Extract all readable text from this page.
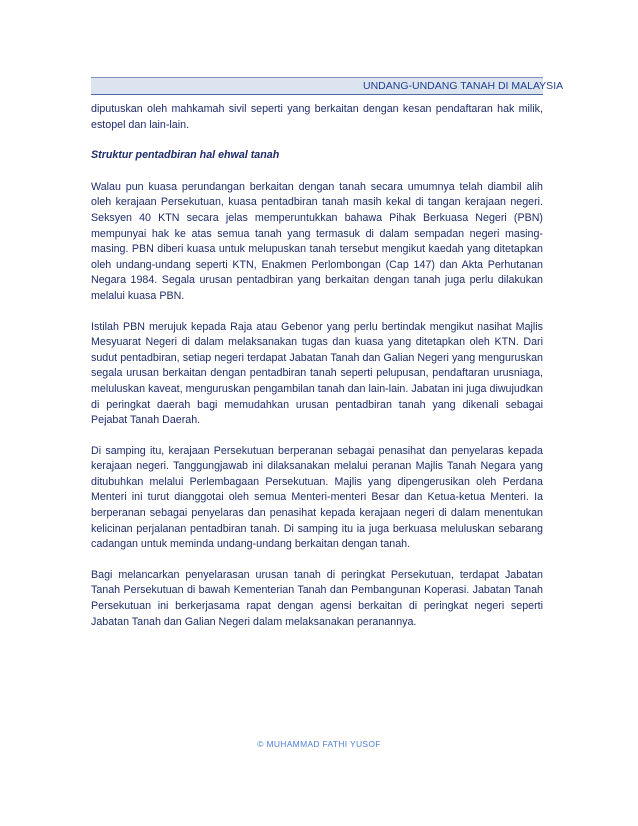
UNDANG-UNDANG TANAH DI MALAYSIA

diputuskan oleh mahkamah sivil seperti yang berkaitan dengan kesan pendaftaran hak milik, estopel dan lain-lain.

Struktur pentadbiran hal ehwal tanah

Walau pun kuasa perundangan berkaitan dengan tanah secara umumnya telah diambil alih oleh kerajaan Persekutuan, kuasa pentadbiran tanah masih kekal di tangan kerajaan negeri. Seksyen 40 KTN secara jelas memperuntukkan bahawa Pihak Berkuasa Negeri (PBN) mempunyai hak ke atas semua tanah yang termasuk di dalam sempadan negeri masing-masing. PBN diberi kuasa untuk melupuskan tanah tersebut mengikut kaedah yang ditetapkan oleh undang-undang seperti KTN, Enakmen Perlombongan (Cap 147) dan Akta Perhutanan Negara 1984. Segala urusan pentadbiran yang berkaitan dengan tanah juga perlu dilakukan melalui kuasa PBN.

Istilah PBN merujuk kepada Raja atau Gebenor yang perlu bertindak mengikut nasihat Majlis Mesyuarat Negeri di dalam melaksanakan tugas dan kuasa yang ditetapkan oleh KTN. Dari sudut pentadbiran, setiap negeri terdapat Jabatan Tanah dan Galian Negeri yang menguruskan segala urusan berkaitan dengan pentadbiran tanah seperti pelupusan, pendaftaran urusniaga, meluluskan kaveat, menguruskan pengambilan tanah dan lain-lain. Jabatan ini juga diwujudkan di peringkat daerah bagi memudahkan urusan pentadbiran tanah yang dikenali sebagai Pejabat Tanah Daerah.

Di samping itu, kerajaan Persekutuan berperanan sebagai penasihat dan penyelaras kepada kerajaan negeri. Tanggungjawab ini dilaksanakan melalui peranan Majlis Tanah Negara yang ditubuhkan melalui Perlembagaan Persekutuan. Majlis yang dipengerusikan oleh Perdana Menteri ini turut dianggotai oleh semua Menteri-menteri Besar dan Ketua-ketua Menteri. Ia berperanan sebagai penyelaras dan penasihat kepada kerajaan negeri di dalam menentukan kelicinan perjalanan pentadbiran tanah. Di samping itu ia juga berkuasa meluluskan sebarang cadangan untuk meminda undang-undang berkaitan dengan tanah.

Bagi melancarkan penyelarasan urusan tanah di peringkat Persekutuan, terdapat Jabatan Tanah Persekutuan di bawah Kementerian Tanah dan Pembangunan Koperasi. Jabatan Tanah Persekutuan ini berkerjasama rapat dengan agensi berkaitan di peringkat negeri seperti Jabatan Tanah dan Galian Negeri dalam melaksanakan peranannya.

© MUHAMMAD FATHI YUSOF
